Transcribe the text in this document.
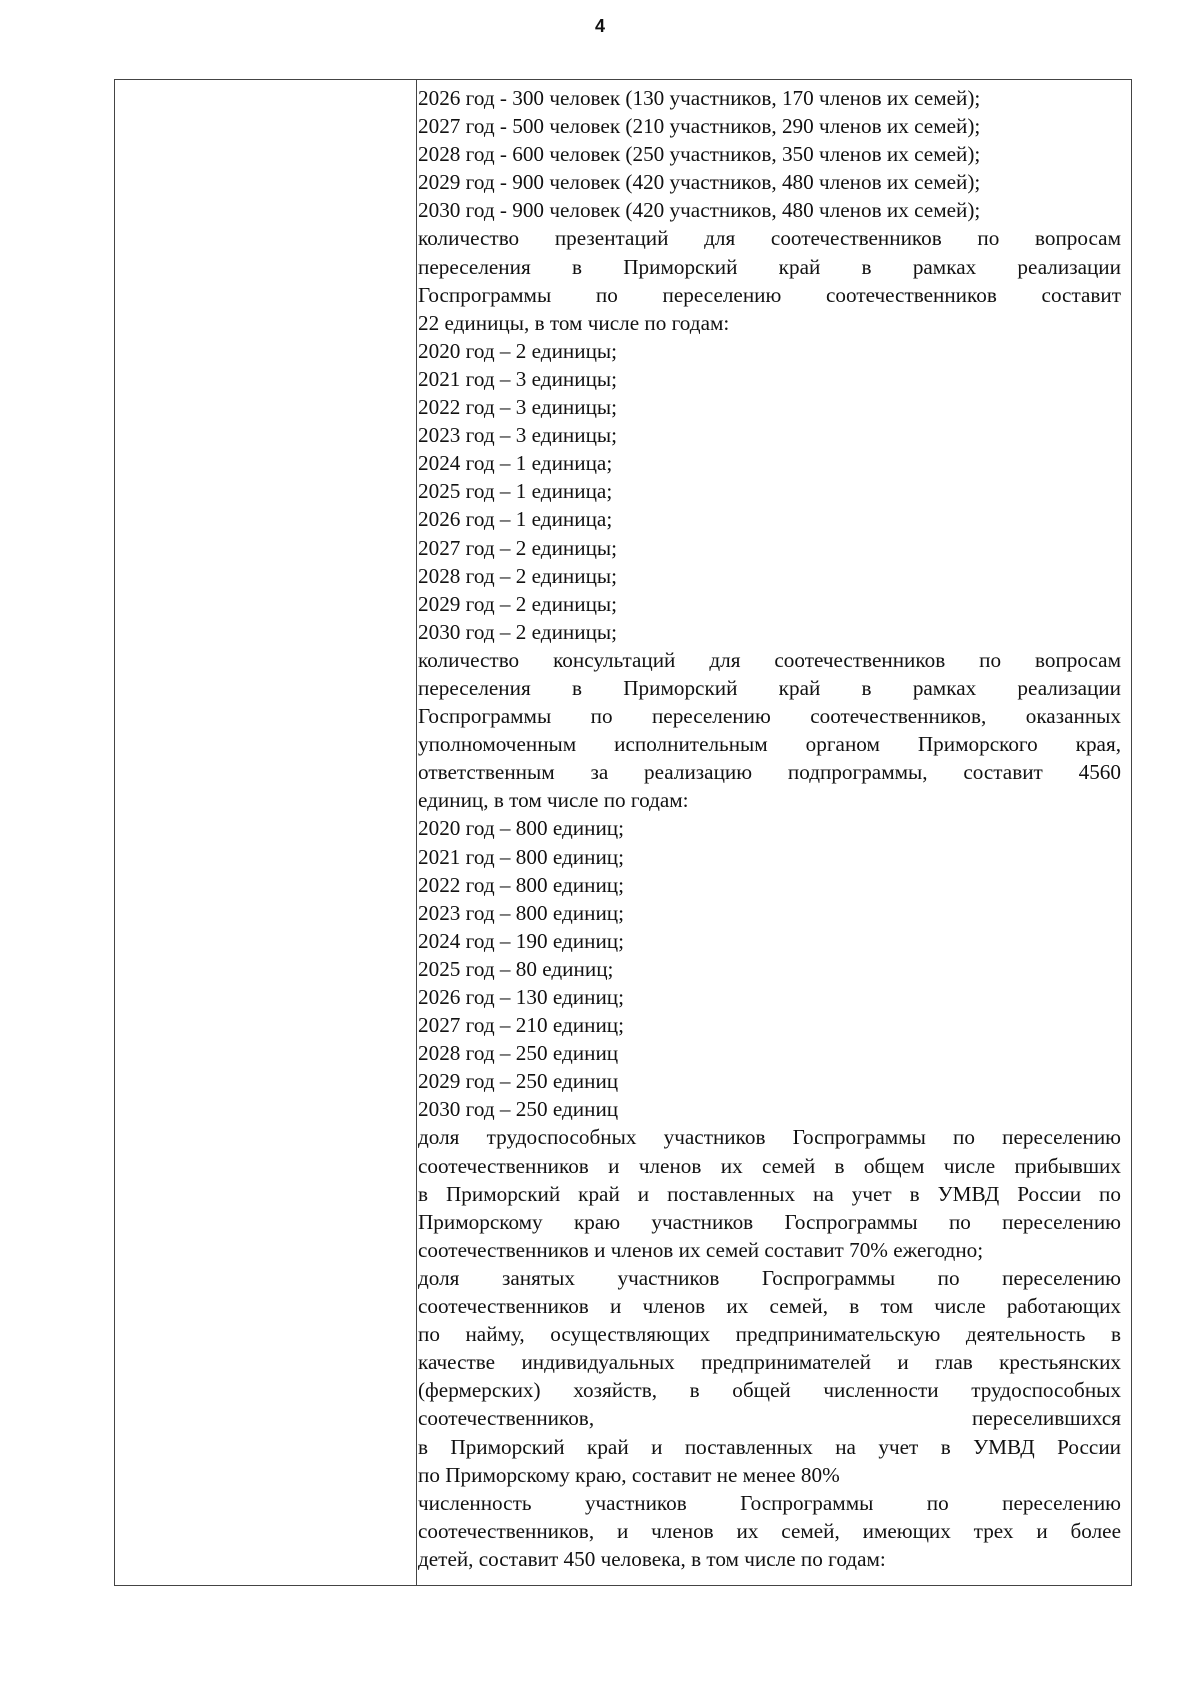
4
2026 год - 300 человек (130 участников, 170 членов их семей);
2027 год - 500 человек (210 участников, 290 членов их семей);
2028 год - 600 человек (250 участников, 350 членов их семей);
2029 год - 900 человек (420 участников, 480 членов их семей);
2030 год - 900 человек (420 участников, 480 членов их семей);
количество презентаций для соотечественников по вопросам
переселения в Приморский край в рамках реализации
Госпрограммы по переселению соотечественников составит
22 единицы, в том числе по годам:
2020 год – 2 единицы;
2021 год – 3 единицы;
2022 год – 3 единицы;
2023 год – 3 единицы;
2024 год – 1 единица;
2025 год – 1 единица;
2026 год – 1 единица;
2027 год – 2 единицы;
2028 год – 2 единицы;
2029 год – 2 единицы;
2030 год – 2 единицы;
количество консультаций для соотечественников по вопросам
переселения в Приморский край в рамках реализации
Госпрограммы по переселению соотечественников, оказанных
уполномоченным исполнительным органом Приморского края,
ответственным за реализацию подпрограммы, составит 4560
единиц, в том числе по годам:
2020 год – 800 единиц;
2021 год – 800 единиц;
2022 год – 800 единиц;
2023 год – 800 единиц;
2024 год – 190 единиц;
2025 год – 80 единиц;
2026 год – 130 единиц;
2027 год – 210 единиц;
2028 год – 250 единиц
2029 год – 250 единиц
2030 год – 250 единиц
доля трудоспособных участников Госпрограммы по переселению
соотечественников и членов их семей в общем числе прибывших
в Приморский край и поставленных на учет в УМВД России по
Приморскому краю участников Госпрограммы по переселению
соотечественников и членов их семей составит 70% ежегодно;
доля занятых участников Госпрограммы по переселению
соотечественников и членов их семей, в том числе работающих
по найму, осуществляющих предпринимательскую деятельность в
качестве индивидуальных предпринимателей и глав крестьянских
(фермерских) хозяйств, в общей численности трудоспособных
соотечественников, переселившихся
в Приморский край и поставленных на учет в УМВД России
по Приморскому краю, составит не менее 80%
численность участников Госпрограммы по переселению
соотечественников, и членов их семей, имеющих трех и более
детей, составит 450 человека, в том числе по годам:
